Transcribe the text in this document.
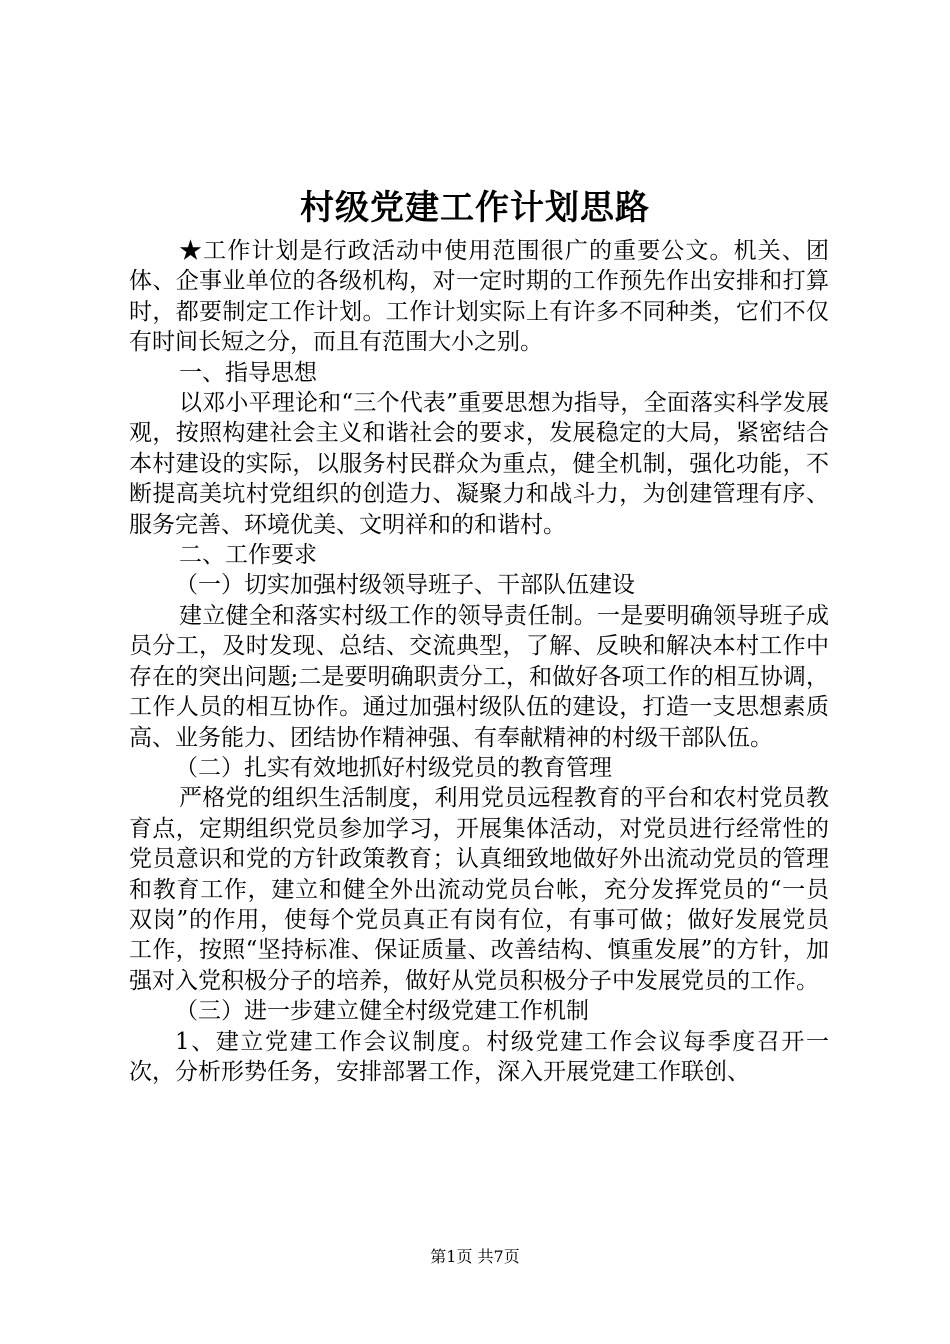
村级党建工作计划思路

★工作计划是行政活动中使用范围很广的重要公文。机关、团体、企事业单位的各级机构，对一定时期的工作预先作出安排和打算时，都要制定工作计划。工作计划实际上有许多不同种类，它们不仅有时间长短之分，而且有范围大小之别。

一、指导思想

以邓小平理论和“三个代表”重要思想为指导，全面落实科学发展观，按照构建社会主义和谐社会的要求，发展稳定的大局，紧密结合本村建设的实际，以服务村民群众为重点，健全机制，强化功能，不断提高美坑村党组织的创造力、凝聚力和战斗力，为创建管理有序、服务完善、环境优美、文明祥和的和谐村。

二、工作要求

（一）切实加强村级领导班子、干部队伍建设

建立健全和落实村级工作的领导责任制。一是要明确领导班子成员分工，及时发现、总结、交流典型，了解、反映和解决本村工作中存在的突出问题;二是要明确职责分工，和做好各项工作的相互协调，工作人员的相互协作。通过加强村级队伍的建设，打造一支思想素质高、业务能力、团结协作精神强、有奉献精神的村级干部队伍。

（二）扎实有效地抓好村级党员的教育管理

严格党的组织生活制度，利用党员远程教育的平台和农村党员教育点，定期组织党员参加学习，开展集体活动，对党员进行经常性的党员意识和党的方针政策教育；认真细致地做好外出流动党员的管理和教育工作，建立和健全外出流动党员台帐，充分发挥党员的“一员双岗”的作用，使每个党员真正有岗有位，有事可做；做好发展党员工作，按照“坚持标准、保证质量、改善结构、慎重发展”的方针，加强对入党积极分子的培养，做好从党员积极分子中发展党员的工作。

（三）进一步建立健全村级党建工作机制

1、建立党建工作会议制度。村级党建工作会议每季度召开一次，分析形势任务，安排部署工作，深入开展党建工作联创、

第1页 共7页
